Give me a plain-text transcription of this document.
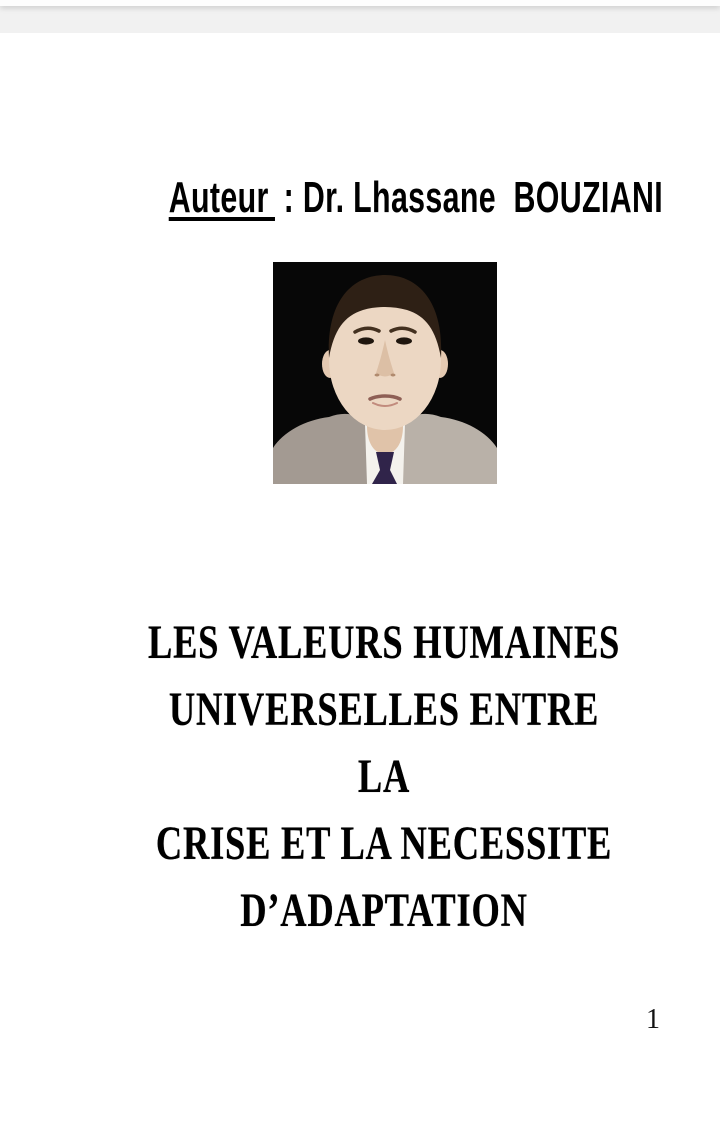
Auteur : Dr. Lhassane  BOUZIANI
LES VALEURS HUMAINES
UNIVERSELLES ENTRE LA
CRISE ET LA NECESSITE
D’ADAPTATION
1
